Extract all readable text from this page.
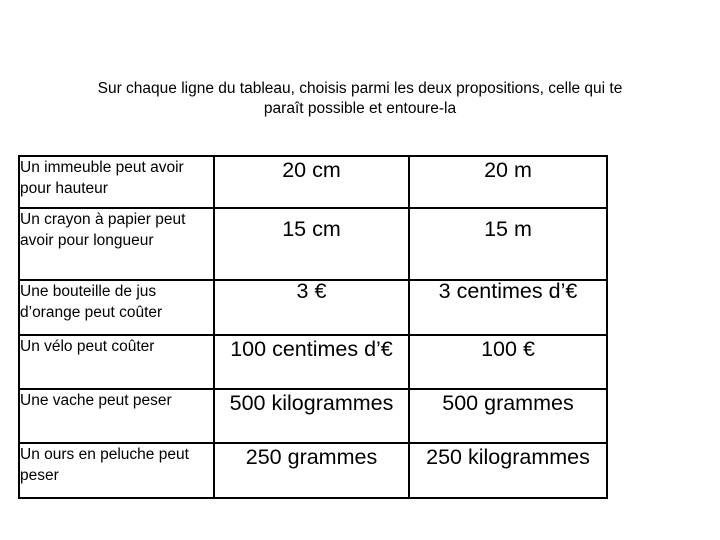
Sur chaque ligne du tableau, choisis parmi les deux propositions, celle qui te
paraît possible et entoure-la
Un immeuble peut avoir pour hauteur	20 cm	20 m
Un crayon à papier peut avoir pour longueur	15 cm	15 m
Une bouteille de jus d’orange peut coûter	3 €	3 centimes d’€

Un vélo peut coûter	100 centimes d’€	100 €
Une vache peut peser	500 kilogrammes	500 grammes
Un ours en peluche peut peser	250 grammes	250 kilogrammes
